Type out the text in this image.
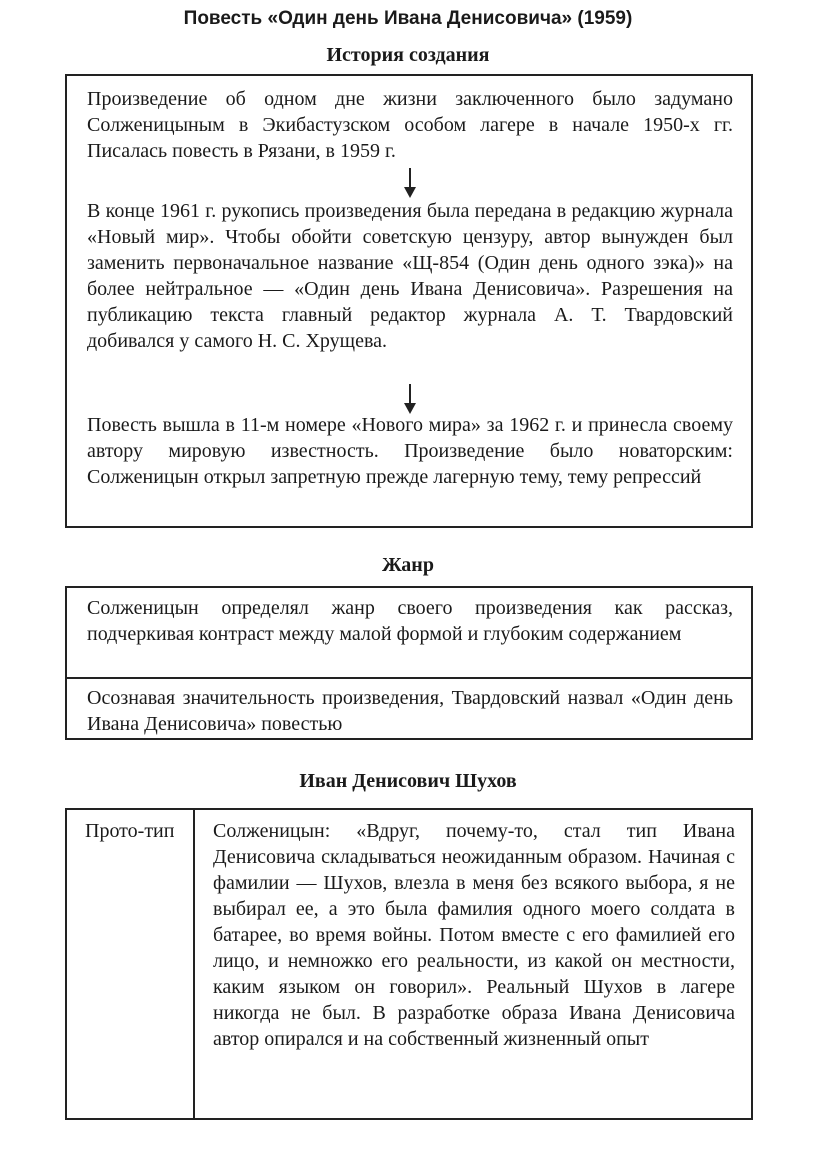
Повесть «Один день Ивана Денисовича» (1959)
История создания
Произведение об одном дне жизни заключенного было задумано Солженицыным в Экибастузском особом лагере в начале 1950-х гг. Писалась повесть в Рязани, в 1959 г.
В конце 1961 г. рукопись произведения была передана в редакцию журнала «Новый мир». Чтобы обойти советскую цензуру, автор вынужден был заменить первоначальное название «Щ-854 (Один день одного зэка)» на более нейтральное — «Один день Ивана Денисовича». Разрешения на публикацию текста главный редактор журнала А. Т. Твардовский добивался у самого Н. С. Хрущева.
Повесть вышла в 11-м номере «Нового мира» за 1962 г. и принесла своему автору мировую известность. Произведение было новаторским: Солженицын открыл запретную прежде лагерную тему, тему репрессий
Жанр
Солженицын определял жанр своего произведения как рассказ, подчеркивая контраст между малой формой и глубоким содержанием
Осознавая значительность произведения, Твардовский назвал «Один день Ивана Денисовича» повестью
Иван Денисович Шухов
Прото-тип	Солженицын: «Вдруг, почему-то, стал тип Ивана Денисовича складываться неожиданным образом. Начиная с фамилии — Шухов, влезла в меня без всякого выбора, я не выбирал ее, а это была фамилия одного моего солдата в батарее, во время войны. Потом вместе с его фамилией его лицо, и немножко его реальности, из какой он местности, каким языком он говорил». Реальный Шухов в лагере никогда не был. В разработке образа Ивана Денисовича автор опирался и на собственный жизненный опыт
